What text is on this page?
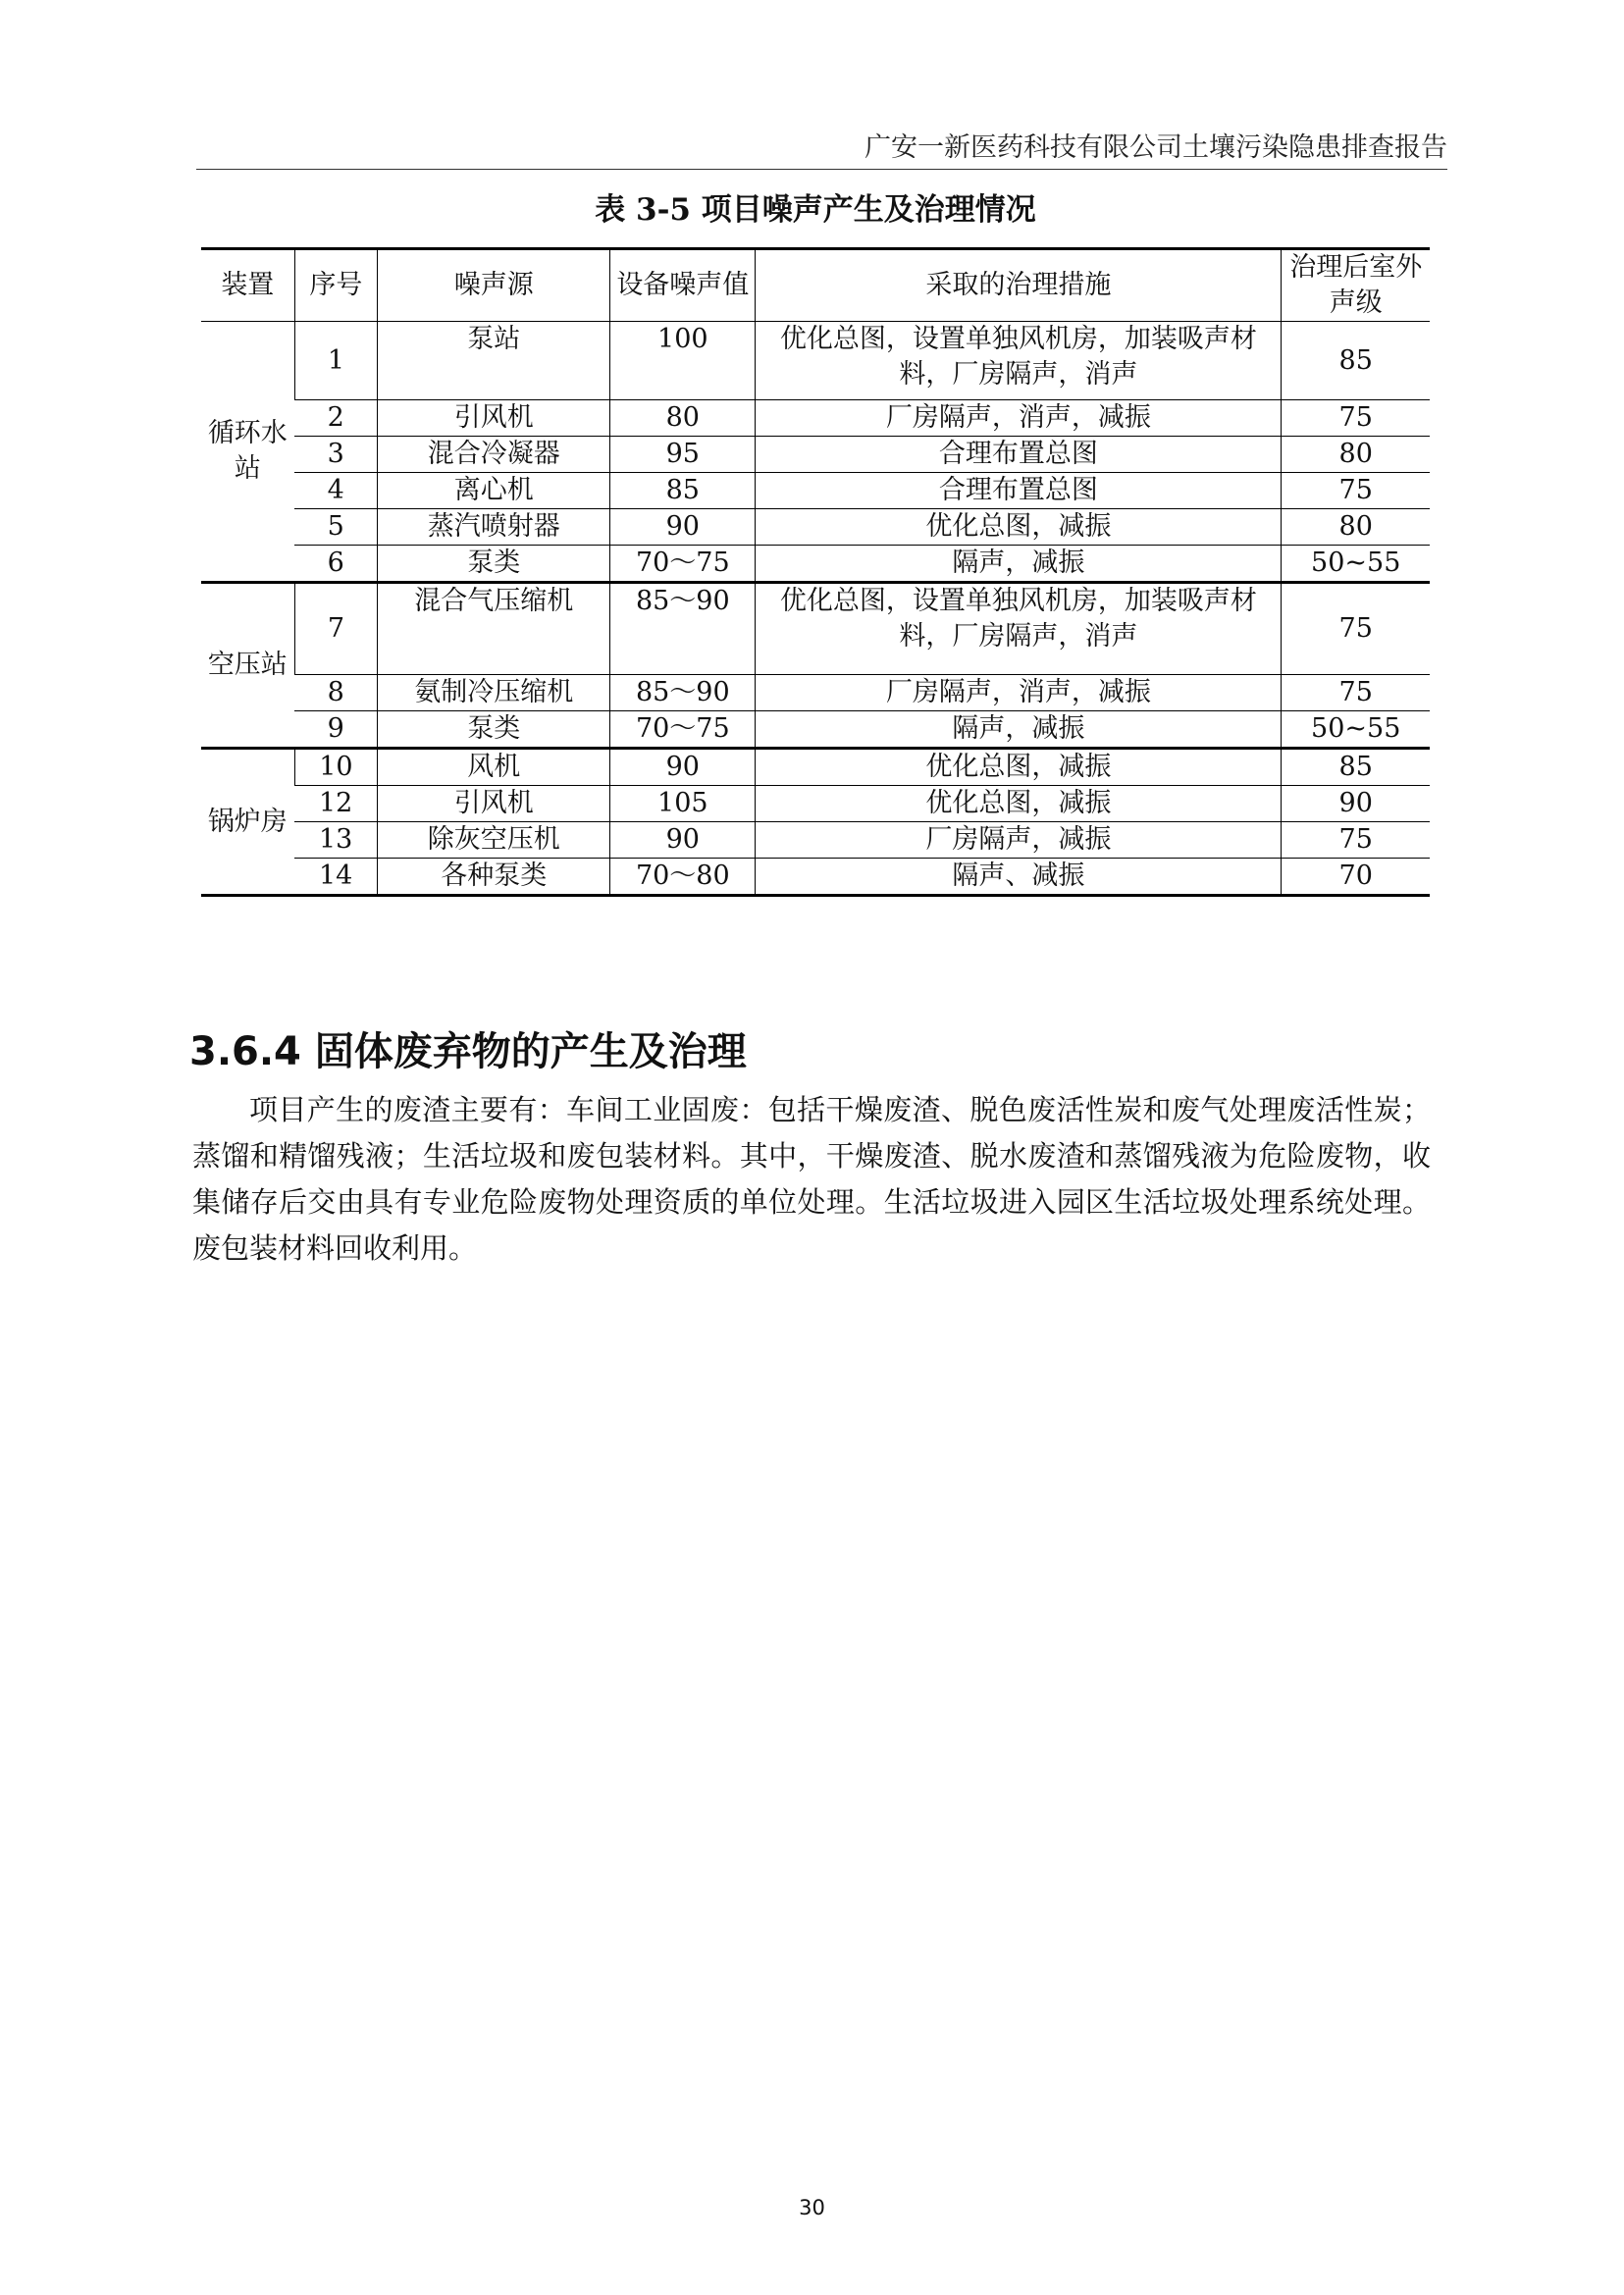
广安一新医药科技有限公司土壤污染隐患排查报告
表 3-5 项目噪声产生及治理情况
装置	序号	噪声源	设备噪声值	采取的治理措施	治理后室外声级
循环水站	1	泵站	100	优化总图，设置单独风机房，加装吸声材料，厂房隔声，消声	85
	2	引风机	80	厂房隔声，消声，减振	75
	3	混合冷凝器	95	合理布置总图	80
	4	离心机	85	合理布置总图	75
	5	蒸汽喷射器	90	优化总图，减振	80
	6	泵类	70～75	隔声，减振	50~55
空压站	7	混合气压缩机	85～90	优化总图，设置单独风机房，加装吸声材料，厂房隔声，消声	75
	8	氨制冷压缩机	85～90	厂房隔声，消声，减振	75
	9	泵类	70～75	隔声，减振	50~55
锅炉房	10	风机	90	优化总图，减振	85
	12	引风机	105	优化总图，减振	90
	13	除灰空压机	90	厂房隔声，减振	75
	14	各种泵类	70～80	隔声、减振	70
3.6.4 固体废弃物的产生及治理
项目产生的废渣主要有：车间工业固废：包括干燥废渣、脱色废活性炭和废气处理废活性炭；蒸馏和精馏残液；生活垃圾和废包装材料。其中，干燥废渣、脱水废渣和蒸馏残液为危险废物，收集储存后交由具有专业危险废物处理资质的单位处理。生活垃圾进入园区生活垃圾处理系统处理。废包装材料回收利用。
30
